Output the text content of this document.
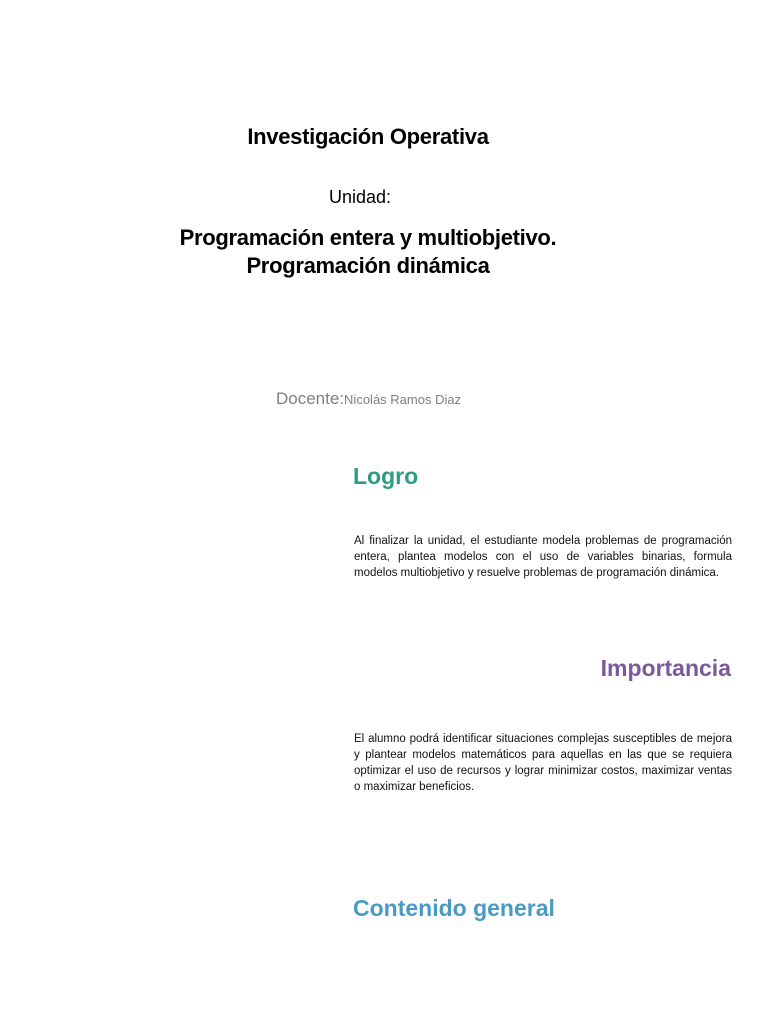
Investigación Operativa
Unidad:
Programación entera y multiobjetivo.
Programación dinámica
Docente:Nicolás Ramos Diaz
Logro
Al finalizar la unidad, el estudiante modela problemas de programación entera, plantea modelos con el uso de variables binarias, formula modelos multiobjetivo y resuelve problemas de programación dinámica.
Importancia
El alumno podrá identificar situaciones complejas susceptibles de mejora y plantear modelos matemáticos para aquellas en las que se requiera optimizar el uso de recursos y lograr minimizar costos, maximizar ventas o maximizar beneficios.
Contenido general
